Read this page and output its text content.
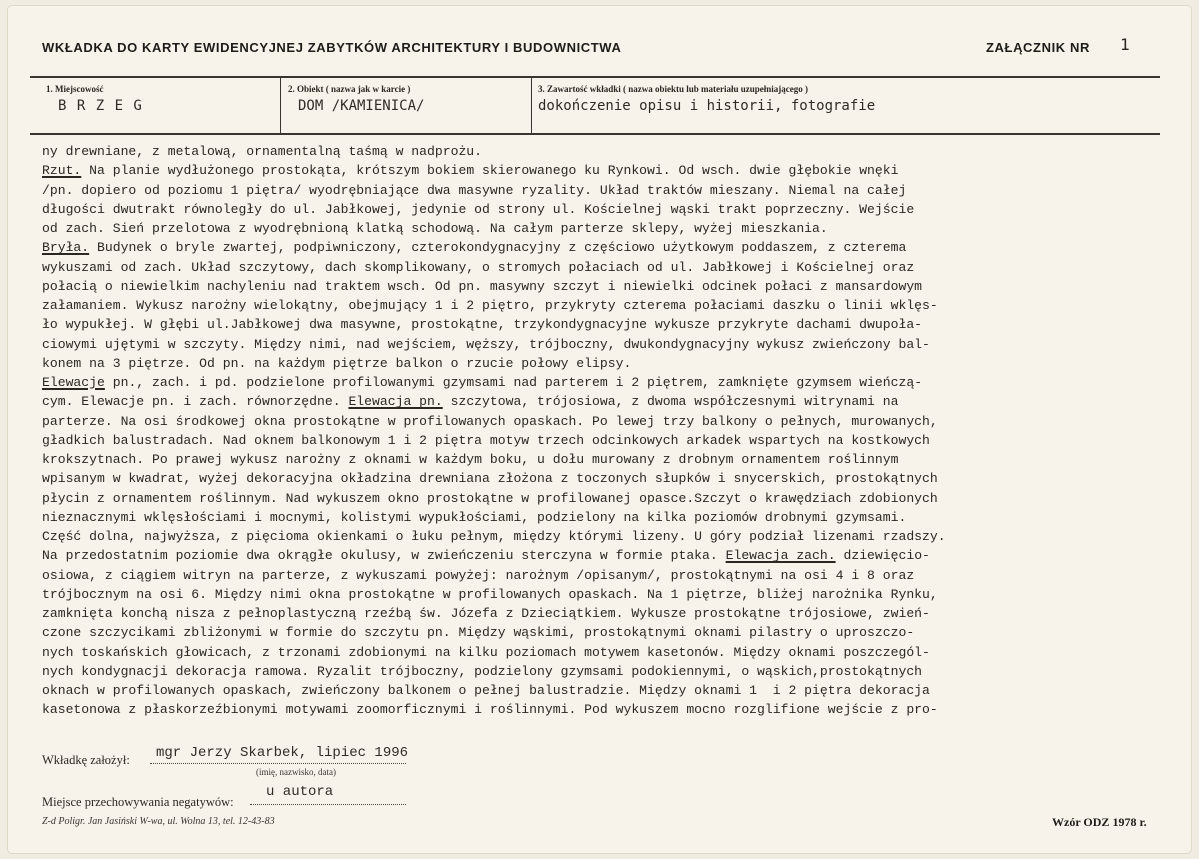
WKŁADKA DO KARTY EWIDENCYJNEJ ZABYTKÓW ARCHITEKTURY I BUDOWNICTWA	ZAŁĄCZNIK NR 1
1. Miejscowość
B R Z E G
2. Obiekt ( nazwa jak w karcie )
DOM /KAMIENICA/
3. Zawartość wkładki ( nazwa obiektu lub materiału uzupełniającego )
dokończenie opisu i historii, fotografie
ny drewniane, z metalową, ornamentalną taśmą w nadprożu.
Rzut. Na planie wydłużonego prostokąta, krótszym bokiem skierowanego ku Rynkowi. Od wsch. dwie głębokie wnęki
/pn. dopiero od poziomu 1 piętra/ wyodrębniające dwa masywne ryzality. Układ traktów mieszany. Niemal na całej
długości dwutrakt równoległy do ul. Jabłkowej, jedynie od strony ul. Kościelnej wąski trakt poprzeczny. Wejście
od zach. Sień przelotowa z wyodrębnioną klatką schodową. Na całym parterze sklepy, wyżej mieszkania.
Bryła. Budynek o bryle zwartej, podpiwniczony, czterokondygnacyjny z częściowo użytkowym poddaszem, z czterema
wykuszami od zach. Układ szczytowy, dach skomplikowany, o stromych połaciach od ul. Jabłkowej i Kościelnej oraz
połacią o niewielkim nachyleniu nad traktem wsch. Od pn. masywny szczyt i niewielki odcinek połaci z mansardowym
załamaniem. Wykusz narożny wielokątny, obejmujący 1 i 2 piętro, przykryty czterema połaciami daszku o linii wklęs-
ło wypukłej. W głębi ul.Jabłkowej dwa masywne, prostokątne, trzykondygnacyjne wykusze przykryte dachami dwupoła-
ciowymi ujętymi w szczyty. Między nimi, nad wejściem, węższy, trójboczny, dwukondygnacyjny wykusz zwieńczony bal-
konem na 3 piętrze. Od pn. na każdym piętrze balkon o rzucie połowy elipsy.
Elewacje pn., zach. i pd. podzielone profilowanymi gzymsami nad parterem i 2 piętrem, zamknięte gzymsem wieńczą-
cym. Elewacje pn. i zach. równorzędne. Elewacja pn. szczytowa, trójosiowa, z dwoma współczesnymi witrynami na
parterze. Na osi środkowej okna prostokątne w profilowanych opaskach. Po lewej trzy balkony o pełnych, murowanych,
gładkich balustradach. Nad oknem balkonowym 1 i 2 piętra motyw trzech odcinkowych arkadek wspartych na kostkowych
krokszytnach. Po prawej wykusz narożny z oknami w każdym boku, u dołu murowany z drobnym ornamentem roślinnym
wpisanym w kwadrat, wyżej dekoracyjna okładzina drewniana złożona z toczonych słupków i snycerskich, prostokątnych
płycin z ornamentem roślinnym. Nad wykuszem okno prostokątne w profilowanej opasce.Szczyt o krawędziach zdobionych
nieznacznymi wklęsłościami i mocnymi, kolistymi wypukłościami, podzielony na kilka poziomów drobnymi gzymsami.
Część dolna, najwyższa, z pięcioma okienkami o łuku pełnym, między którymi lizeny. U góry podział lizenami rzadszy.
Na przedostatnim poziomie dwa okrągłe okulusy, w zwieńczeniu sterczyna w formie ptaka. Elewacja zach. dziewięcio-
osiowa, z ciągiem witryn na parterze, z wykuszami powyżej: narożnym /opisanym/, prostokątnymi na osi 4 i 8 oraz
trójbocznym na osi 6. Między nimi okna prostokątne w profilowanych opaskach. Na 1 piętrze, bliżej narożnika Rynku,
zamknięta konchą nisza z pełnoplastyczną rzeźbą św. Józefa z Dzieciątkiem. Wykusze prostokątne trójosiowe, zwień-
czone szczycikami zbliżonymi w formie do szczytu pn. Między wąskimi, prostokątnymi oknami pilastry o uproszczo-
nych toskańskich głowicach, z trzonami zdobionymi na kilku poziomach motywem kasetonów. Między oknami poszczegól-
nych kondygnacji dekoracja ramowa. Ryzalit trójboczny, podzielony gzymsami podokiennymi, o wąskich,prostokątnych
oknach w profilowanych opaskach, zwieńczony balkonem o pełnej balustradzie. Między oknami 1  i 2 piętra dekoracja
kasetonowa z płaskorzeźbionymi motywami zoomorficznymi i roślinnymi. Pod wykuszem mocno rozglifione wejście z pro-
Wkładkę założył: mgr Jerzy Skarbek, lipiec 1996
(imię, nazwisko, data)
Miejsce przechowywania negatywów:
u autora
Z-d Poligr. Jan Jasiński W-wa, ul. Wolna 13, tel. 12-43-83	Wzór ODZ 1978 r.
